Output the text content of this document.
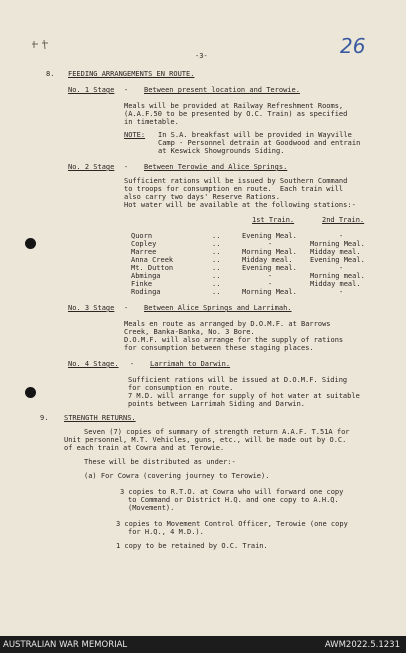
26
-3-
8. FEEDING ARRANGEMENTS EN ROUTE.
No. 1 Stage - Between present location and Terowie.
Meals will be provided at Railway Refreshment Rooms,
(A.A.F.50 to be presented by O.C. Train) as specified
in timetable.
NOTE: In S.A. breakfast will be provided in Wayville
Camp - Personnel detrain at Goodwood and entrain
at Keswick Showgrounds Siding.
No. 2 Stage - Between Terowie and Alice Springs.
Sufficient rations will be issued by Southern Command
to troops for consumption en route.  Each train will
also carry two days' Reserve Rations.
Hot water will be available at the following stations:-
1st Train.	2nd Train.
Quorn	..	Evening Meal.	-
Copley	..	-	Morning Meal.
Marree	..	Morning Meal. Midday meal.
Anna Creek	..	Midday meal. Evening Meal.
Mt. Dutton	..	Evening meal.	-
Abminga	..	-	Morning meal.
Finke	..	-	Midday meal.
Rodinga	..	Morning Meal.	-
No. 3 Stage - Between Alice Springs and Larrimah.
Meals en route as arranged by D.O.M.F. at Barrows
Creek, Banka-Banka, No. 3 Bore.
D.O.M.F. will also arrange for the supply of rations
for consumption between these staging places.
No. 4 Stage. - Larrimah to Darwin.
Sufficient rations will be issued at D.O.M.F. Siding
for consumption en route.
7 M.D. will arrange for supply of hot water at suitable
points between Larrimah Siding and Darwin.
9. STRENGTH RETURNS.
Seven (7) copies of summary of strength return A.A.F. T.51A for
Unit personnel, M.T. Vehicles, guns, etc., will be made out by O.C.
of each train at Cowra and at Terowie.
These will be distributed as under:-
(a) For Cowra (covering journey to Terowie).
3 copies to R.T.O. at Cowra who will forward one copy
to Command or District H.Q. and one copy to A.H.Q.
(Movement).
3 copies to Movement Control Officer, Terowie (one copy
for H.Q., 4 M.D.).
1 copy to be retained by O.C. Train.
AUSTRALIAN WAR MEMORIAL	AWM2022.5.1231
